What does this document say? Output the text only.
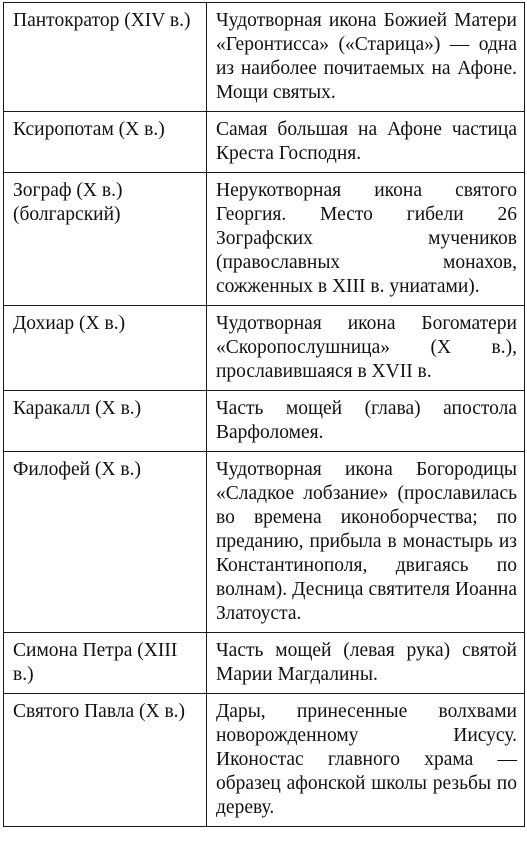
Пантократор (XIV в.)	Чудотворная икона Божией Матери «Геронтисса» («Старица») — одна из наиболее почитаемых на Афоне. Мощи святых.
Ксиропотам (X в.)	Самая большая на Афоне частица Креста Господня.
Зограф (X в.) (болгарский)	Нерукотворная икона святого Георгия. Место гибели 26 Зографских мучеников (православных монахов, сожженных в XIII в. униатами).
Дохиар (X в.)	Чудотворная икона Богоматери «Скоропослушница» (X в.), прославившаяся в XVII в.
Каракалл (X в.)	Часть мощей (глава) апостола Варфоломея.
Филофей (X в.)	Чудотворная икона Богородицы «Сладкое лобзание» (прославилась во времена иконоборчества; по преданию, прибыла в монастырь из Константинополя, двигаясь по волнам). Десница святителя Иоанна Златоуста.
Симона Петра (XIII в.)	Часть мощей (левая рука) святой Марии Магдалины.
Святого Павла (X в.)	Дары, принесенные волхвами новорожденному Иисусу. Иконостас главного храма — образец афонской школы резьбы по дереву.
